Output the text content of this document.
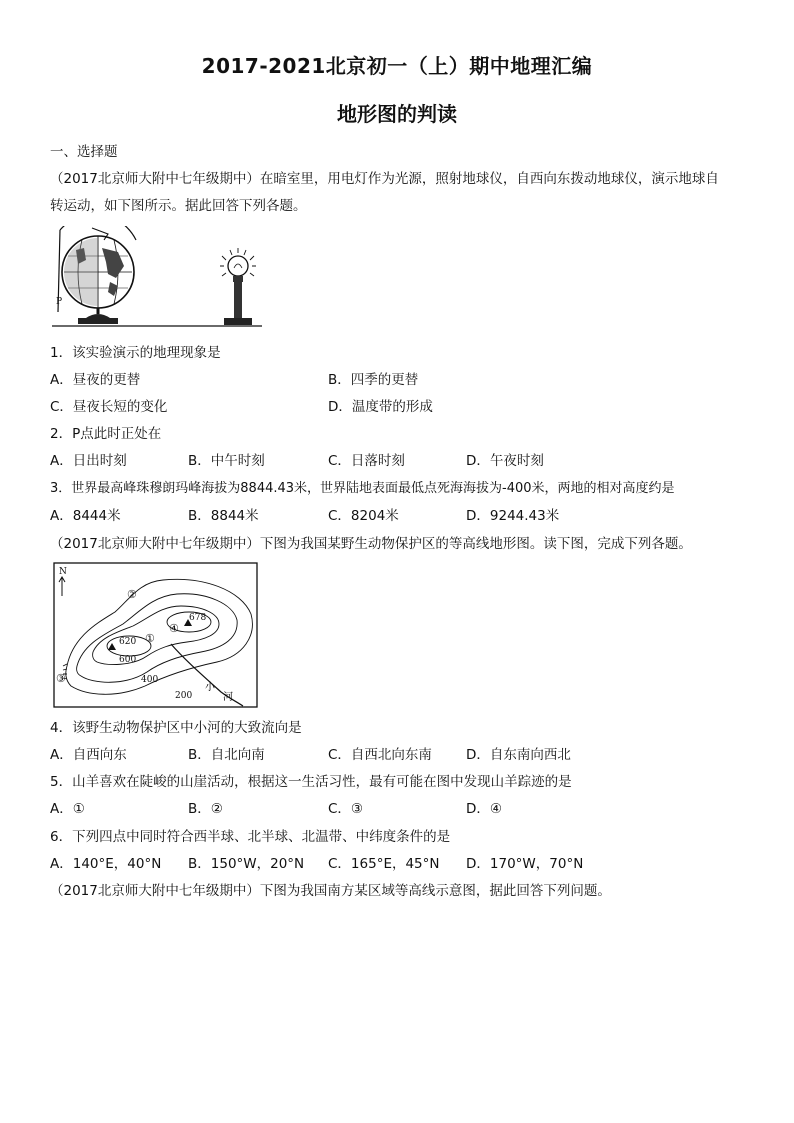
2017-2021北京初一（上）期中地理汇编
地形图的判读
一、选择题
（2017北京师大附中七年级期中）在暗室里，用电灯作为光源，照射地球仪，自西向东拨动地球仪，演示地球自
转运动，如下图所示。据此回答下列各题。
P
1．该实验演示的地理现象是
A．昼夜的更替	B．四季的更替
C．昼夜长短的变化	D．温度带的形成
2．P点此时正处在
A．日出时刻	B．中午时刻	C．日落时刻	D．午夜时刻
3．世界最高峰珠穆朗玛峰海拔为8844.43米，世界陆地表面最低点死海海拔为-400米，两地的相对高度约是
A．8444米	B．8844米	C．8204米	D．9244.43米
（2017北京师大附中七年级期中）下图为我国某野生动物保护区的等高线地形图。读下图，完成下列各题。
N
678
620
600
400
200
②
①
④
③
小
河
4．该野生动物保护区中小河的大致流向是
A．自西向东	B．自北向南	C．自西北向东南	D．自东南向西北
5．山羊喜欢在陡峻的山崖活动，根据这一生活习性，最有可能在图中发现山羊踪迹的是
A．①	B．②	C．③	D．④
6．下列四点中同时符合西半球、北半球、北温带、中纬度条件的是
A．140°E，40°N B．150°W，20°N C．165°E，45°N D．170°W，70°N
（2017北京师大附中七年级期中）下图为我国南方某区域等高线示意图，据此回答下列问题。
